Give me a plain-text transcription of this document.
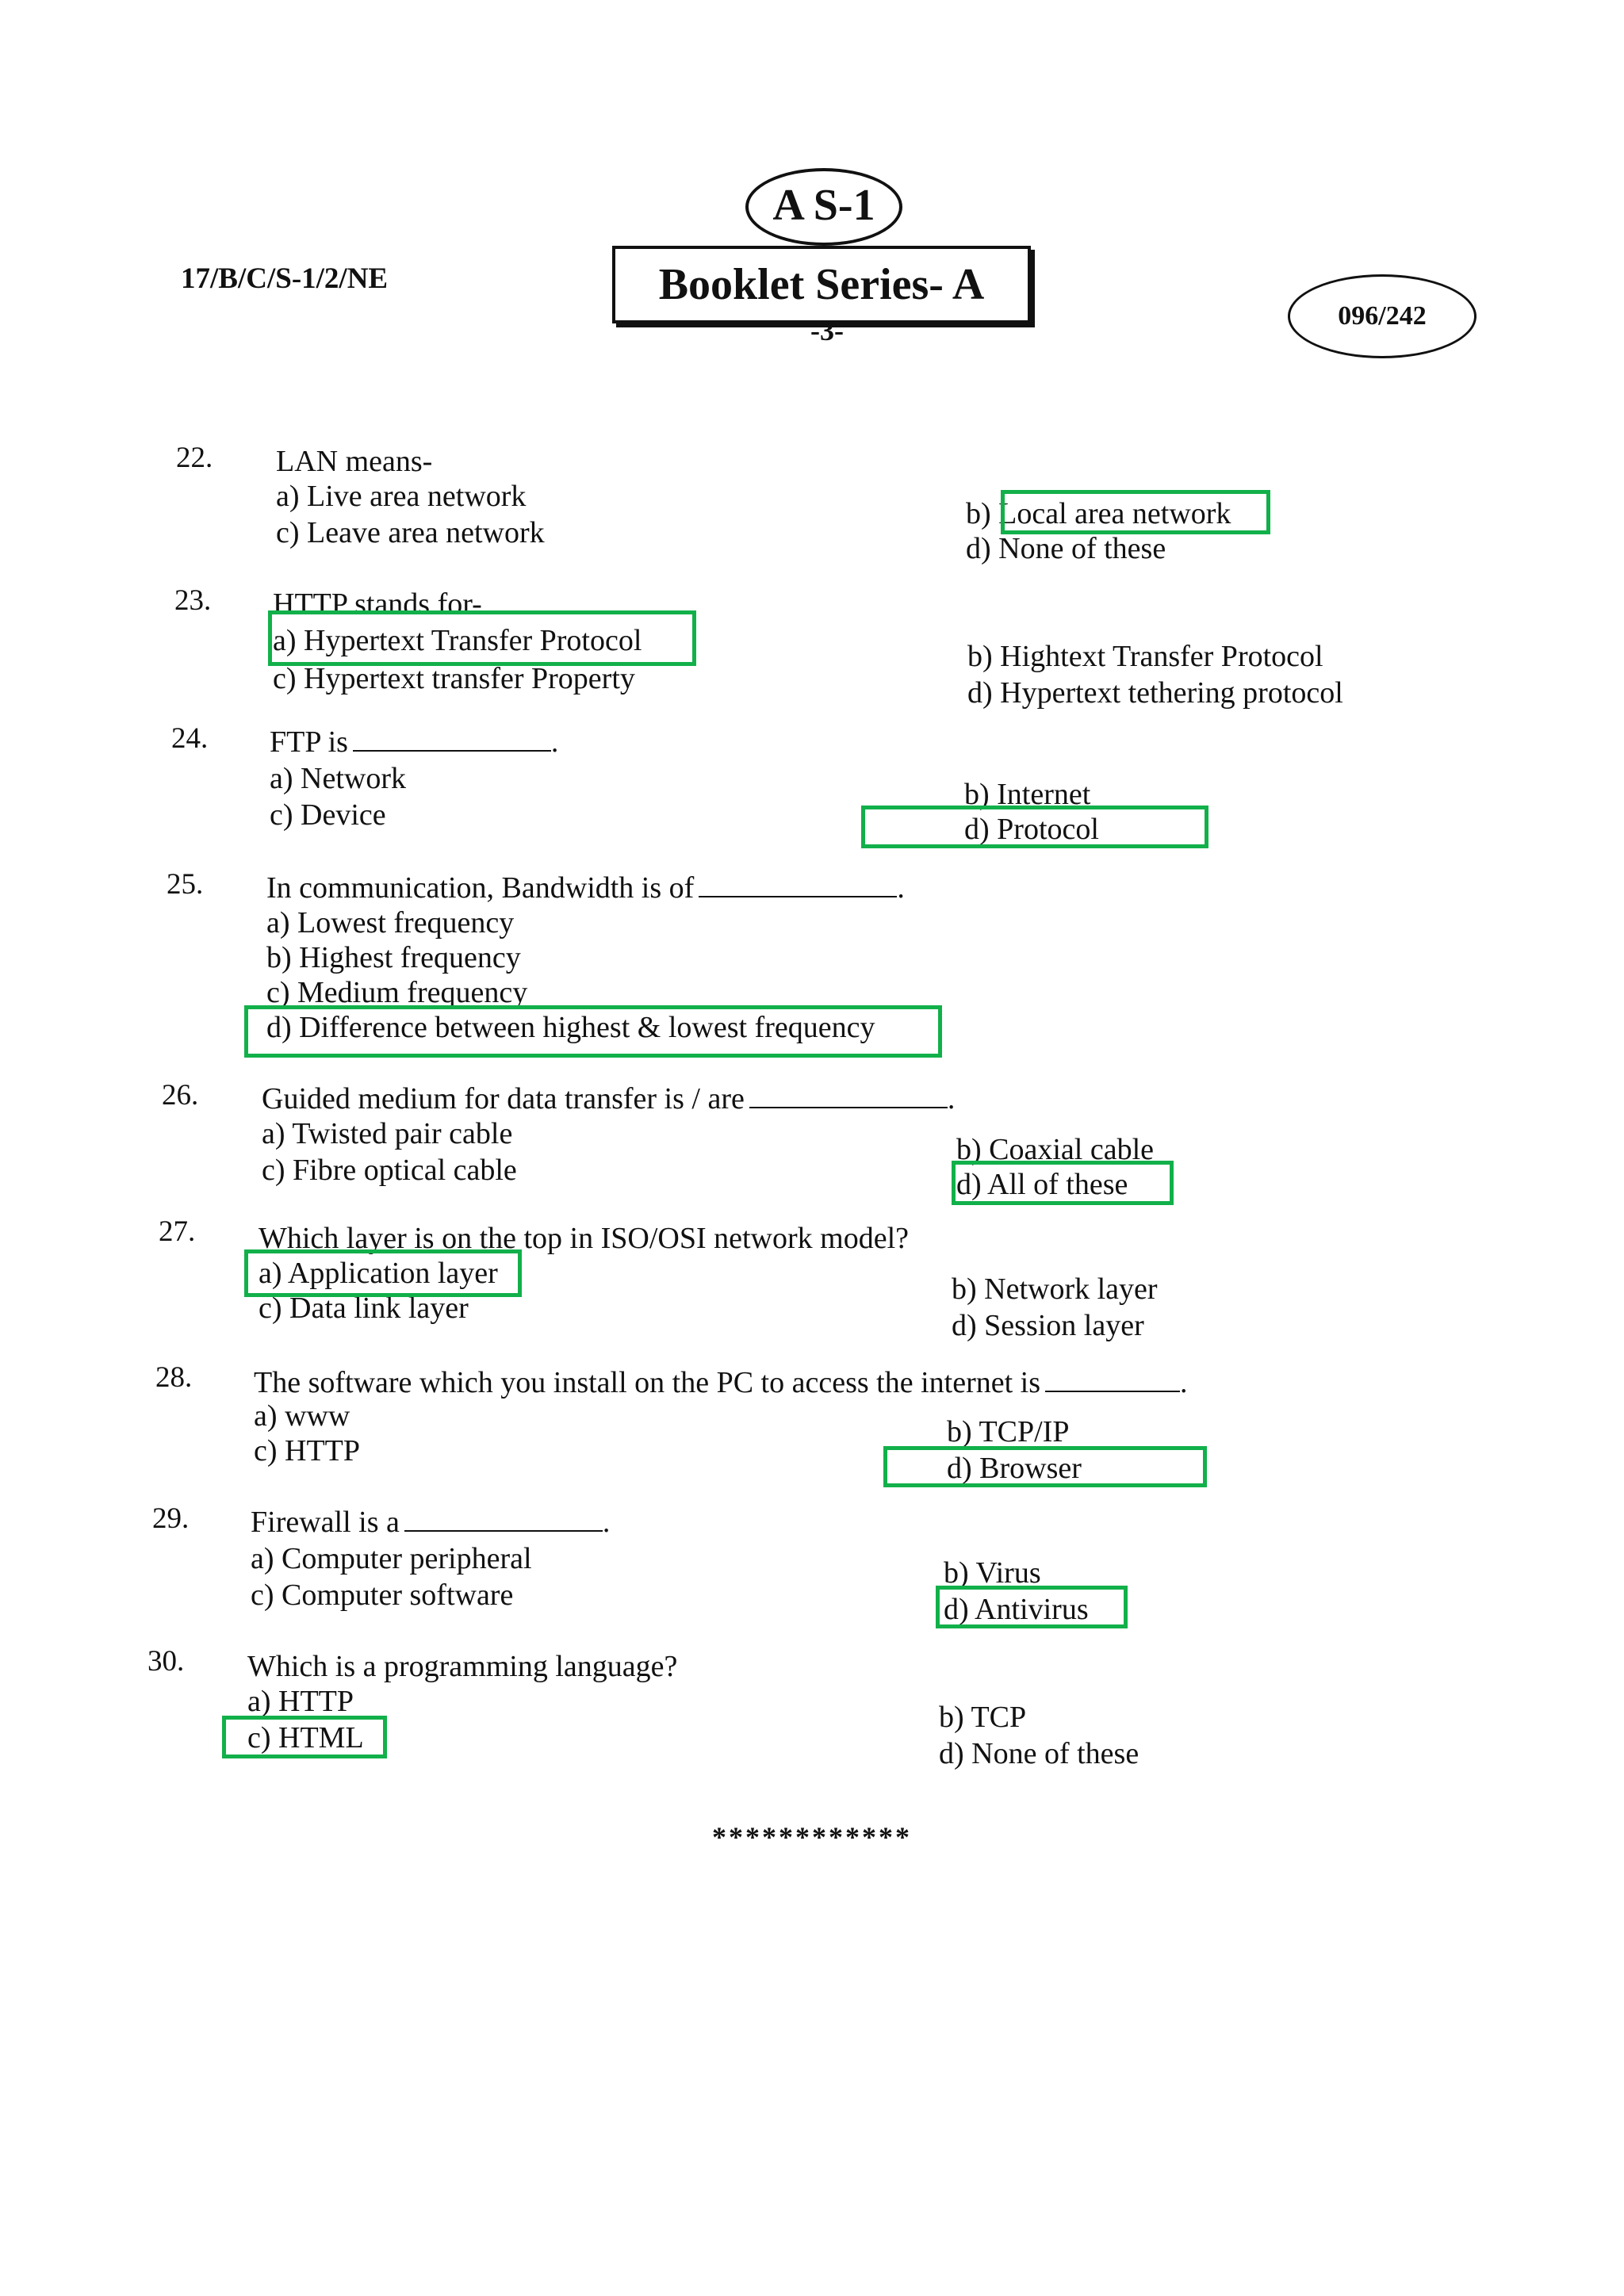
17/B/C/S-1/2/NE
A S-1
Booklet Series- A
-3-	096/242
22. LAN means-
a) Live area network
c) Leave area network
b) Local area network
d) None of these
23. HTTP stands for-
a) Hypertext Transfer Protocol
c) Hypertext transfer Property
b) Hightext Transfer Protocol
d) Hypertext tethering protocol
24. FTP is	.
a) Network
c) Device
b) Internet
d) Protocol
25. In communication, Bandwidth is of	.
a) Lowest frequency
b) Highest frequency
c) Medium frequency
d) Difference between highest & lowest frequency
26. Guided medium for data transfer is / are	.
a) Twisted pair cable
c) Fibre optical cable
b) Coaxial cable
d) All of these
27. Which layer is on the top in ISO/OSI network model?
a) Application layer
c) Data link layer
b) Network layer
d) Session layer
28. The software which you install on the PC to access the internet is	.
a) www
c) HTTP
b) TCP/IP
d) Browser
29. Firewall is a	.
a) Computer peripheral
c) Computer software
b) Virus
d) Antivirus
30. Which is a programming language?
a) HTTP
c) HTML
b) TCP
d) None of these
************
